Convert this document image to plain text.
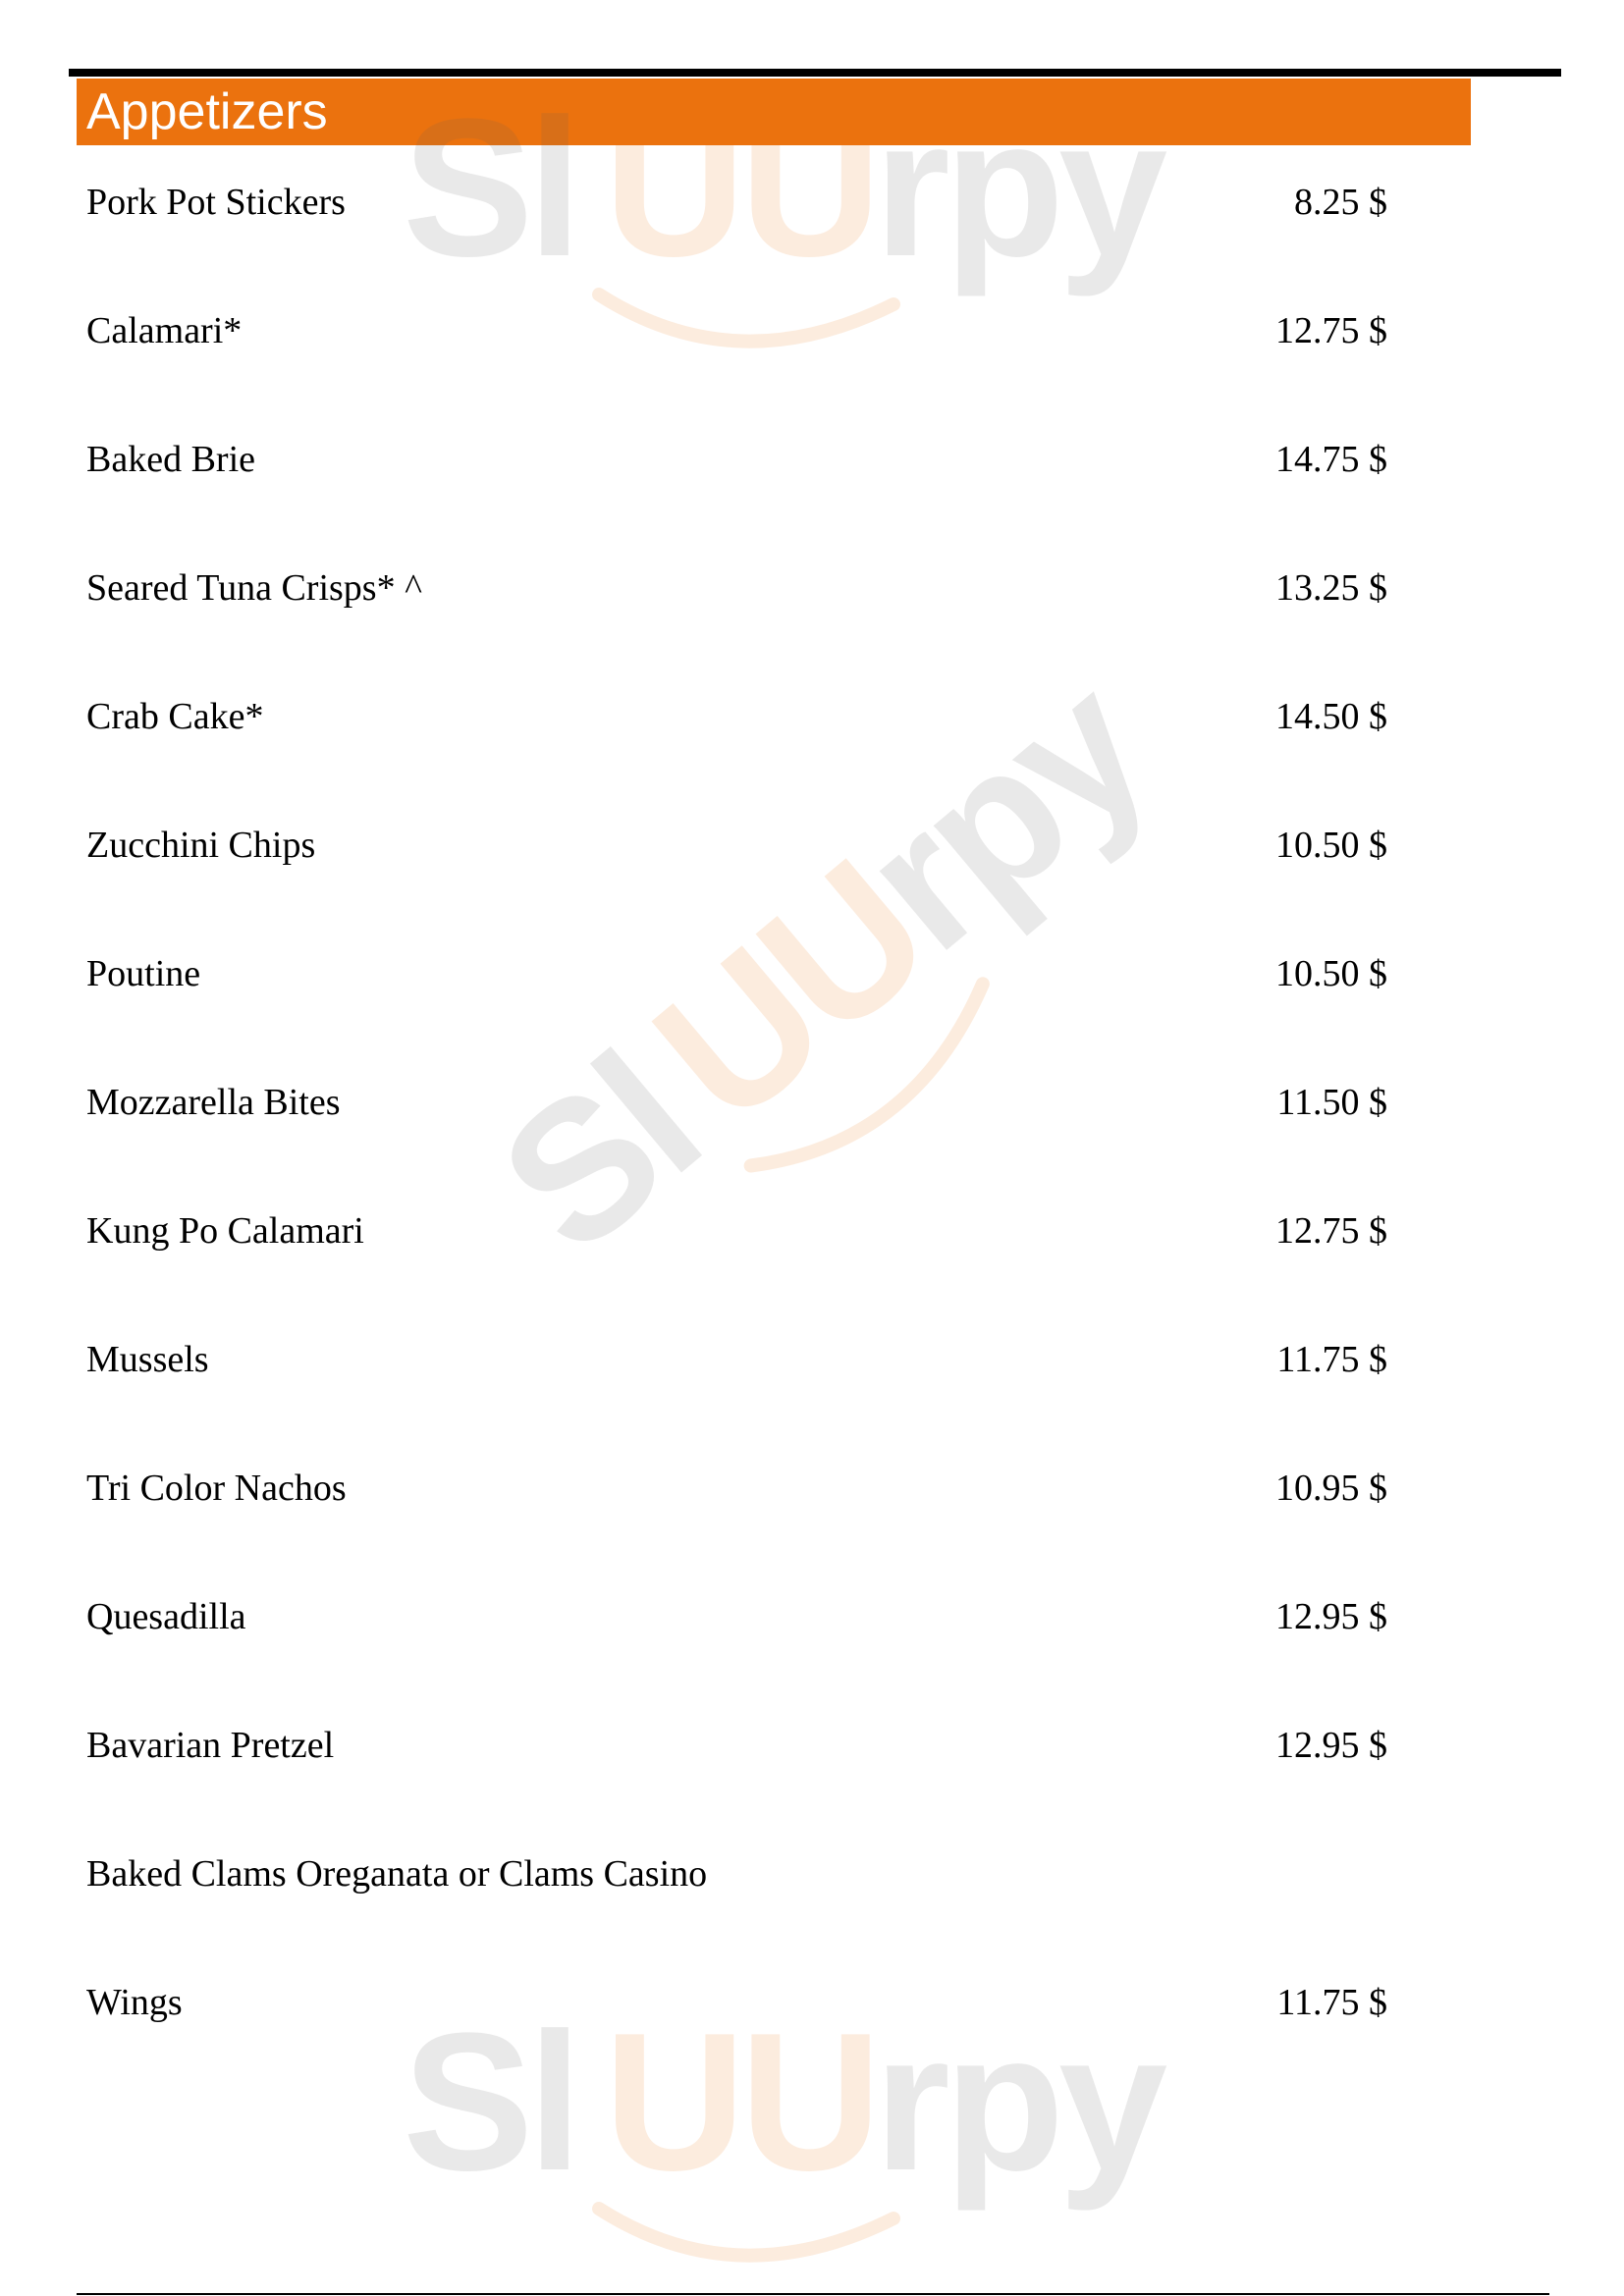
Appetizers
Pork Pot Stickers	8.25 $
Calamari*	12.75 $
Baked Brie	14.75 $
Seared Tuna Crisps* ^	13.25 $
Crab Cake*	14.50 $
Zucchini Chips	10.50 $
Poutine	10.50 $
Mozzarella Bites	11.50 $
Kung Po Calamari	12.75 $
Mussels	11.75 $
Tri Color Nachos	10.95 $
Quesadilla	12.95 $
Bavarian Pretzel	12.95 $
Baked Clams Oreganata or Clams Casino
Wings	11.75 $
Sl UU
rpy
Sl
UU
rpy
Sl UU
rpy
